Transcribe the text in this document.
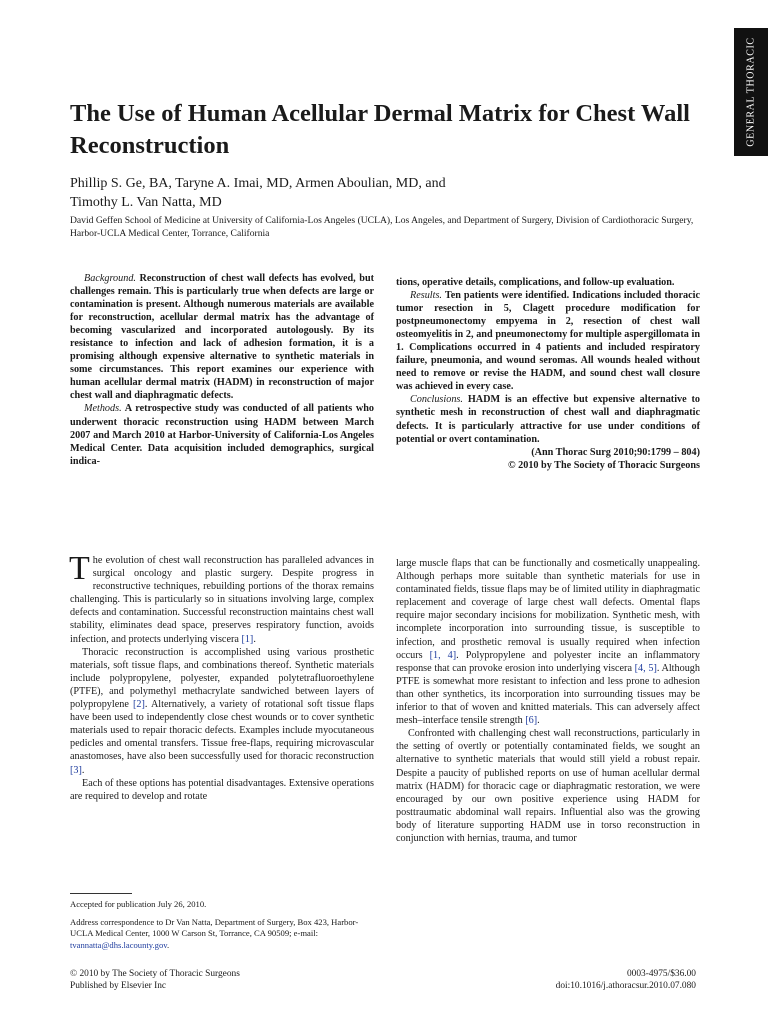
GENERAL THORACIC
The Use of Human Acellular Dermal Matrix for Chest Wall Reconstruction
Phillip S. Ge, BA, Taryne A. Imai, MD, Armen Aboulian, MD, and
Timothy L. Van Natta, MD
David Geffen School of Medicine at University of California-Los Angeles (UCLA), Los Angeles, and Department of Surgery, Division of Cardiothoracic Surgery, Harbor-UCLA Medical Center, Torrance, California

Background. Reconstruction of chest wall defects has evolved, but challenges remain. This is particularly true when defects are large or contamination is present. Although numerous materials are available for reconstruction, acellular dermal matrix has the advantage of becoming vascularized and incorporated autologously. By its resistance to infection and lack of adhesion formation, it is a promising although expensive alternative to synthetic materials in some circumstances. This report examines our experience with human acellular dermal matrix (HADM) in reconstruction of major chest wall and diaphragmatic defects.

Methods. A retrospective study was conducted of all patients who underwent thoracic reconstruction using HADM between March 2007 and March 2010 at Harbor-University of California-Los Angeles Medical Center. Data acquisition included demographics, surgical indica-

tions, operative details, complications, and follow-up evaluation.

Results. Ten patients were identified. Indications included thoracic tumor resection in 5, Clagett procedure modification for postpneumonectomy empyema in 2, resection of chest wall osteomyelitis in 2, and pneumonectomy for multiple aspergillomata in 1. Complications occurred in 4 patients and included respiratory failure, pneumonia, and wound seromas. All wounds healed without need to remove or revise the HADM, and sound chest wall closure was achieved in every case.

Conclusions. HADM is an effective but expensive alternative to synthetic mesh in reconstruction of chest wall and diaphragmatic defects. It is particularly attractive for use under conditions of potential or overt contamination.

(Ann Thorac Surg 2010;90:1799 – 804)

© 2010 by The Society of Thoracic Surgeons

The evolution of chest wall reconstruction has paralleled advances in surgical oncology and plastic surgery. Despite progress in reconstructive techniques, rebuilding portions of the thorax remains challenging. This is particularly so in situations involving large, complex defects and contamination. Successful reconstruction maintains chest wall stability, eliminates dead space, preserves respiratory function, avoids infection, and protects underlying viscera [1].

Thoracic reconstruction is accomplished using various prosthetic materials, soft tissue flaps, and combinations thereof. Synthetic materials include polypropylene, polyester, expanded polytetrafluoroethylene (PTFE), and polymethyl methacrylate sandwiched between layers of polypropylene [2]. Alternatively, a variety of rotational soft tissue flaps have been used to independently close chest wounds or to cover synthetic materials used to repair thoracic defects. Examples include myocutaneous pedicles and omental transfers. Tissue free-flaps, requiring microvascular anastomoses, have also been successfully used for thoracic reconstruction [3].

Each of these options has potential disadvantages. Extensive operations are required to develop and rotate

large muscle flaps that can be functionally and cosmetically unappealing. Although perhaps more suitable than synthetic materials for use in contaminated fields, tissue flaps may be of limited utility in diaphragmatic replacement and coverage of large chest wall defects. Omental flaps require major secondary incisions for mobilization. Synthetic mesh, with incomplete incorporation into surrounding tissue, is susceptible to infection, and prosthetic removal is usually required when infection occurs [1, 4]. Polypropylene and polyester incite an inflammatory response that can provoke erosion into underlying viscera [4, 5]. Although PTFE is somewhat more resistant to infection and less prone to adhesion than other synthetics, its incorporation into surrounding tissues may be inferior to that of woven and knitted materials. This can adversely affect mesh–interface tensile strength [6].

Confronted with challenging chest wall reconstructions, particularly in the setting of overtly or potentially contaminated fields, we sought an alternative to synthetic materials that would still yield a robust repair. Despite a paucity of published reports on use of human acellular dermal matrix (HADM) for thoracic cage or diaphragmatic restoration, we were encouraged by our own positive experience using HADM for posttraumatic abdominal wall repairs. Influential also was the growing body of literature supporting HADM use in torso reconstruction in conjunction with hernias, trauma, and tumor

Accepted for publication July 26, 2010.
Address correspondence to Dr Van Natta, Department of Surgery, Box 423, Harbor-UCLA Medical Center, 1000 W Carson St, Torrance, CA 90509; e-mail: tvannatta@dhs.lacounty.gov.
© 2010 by The Society of Thoracic Surgeons
Published by Elsevier Inc
0003-4975/$36.00
doi:10.1016/j.athoracsur.2010.07.080
